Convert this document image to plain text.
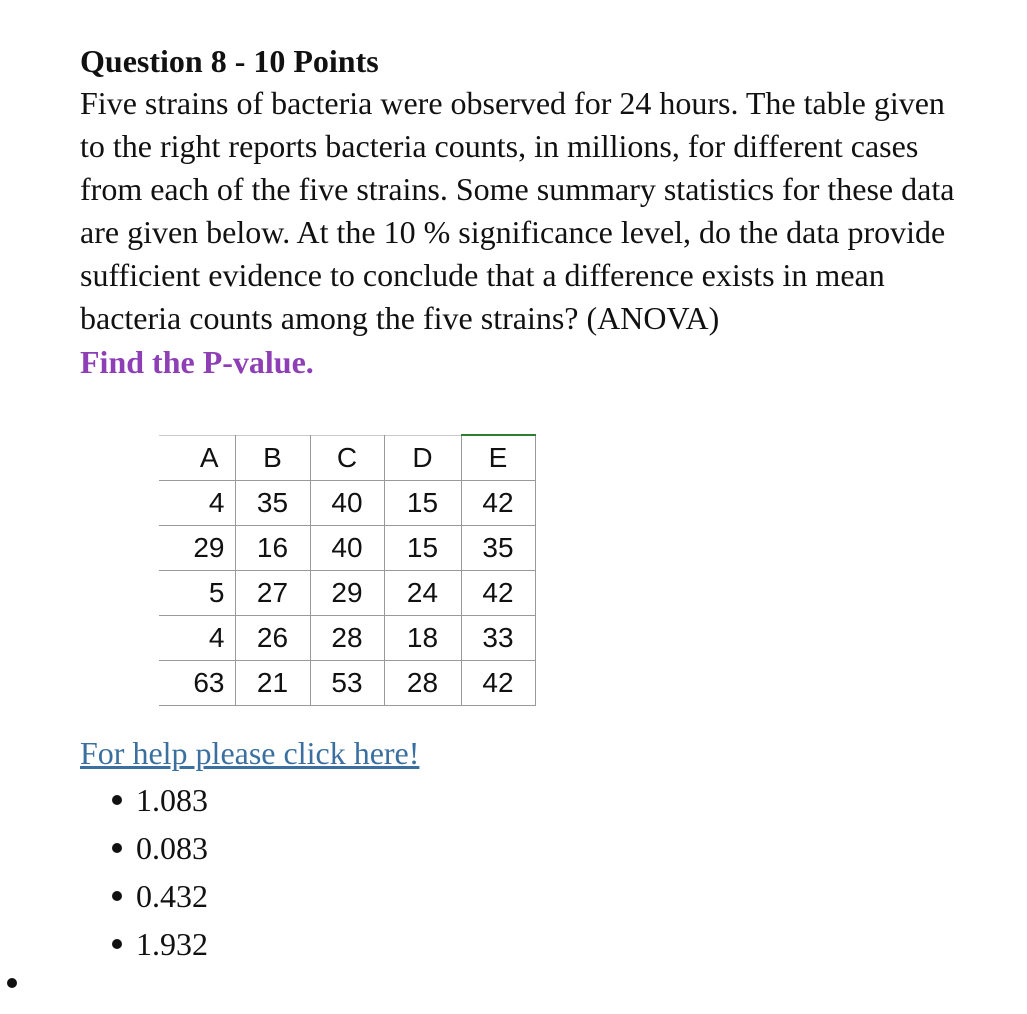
Question 8 - 10 Points

Five strains of bacteria were observed for 24 hours. The table given to the right reports bacteria counts, in millions, for different cases from each of the five strains. Some summary statistics for these data are given below. At the 10 % significance level, do the data provide sufficient evidence to conclude that a difference exists in mean bacteria counts among the five strains? (ANOVA)

Find the P-value.

A	B	C	D	E
4	35	40	15	42
29	16	40	15	35
5	27	29	24	42
4	26	28	18	33
63	21	53	28	42
For help please click here!
1.083
0.083
0.432
1.932
